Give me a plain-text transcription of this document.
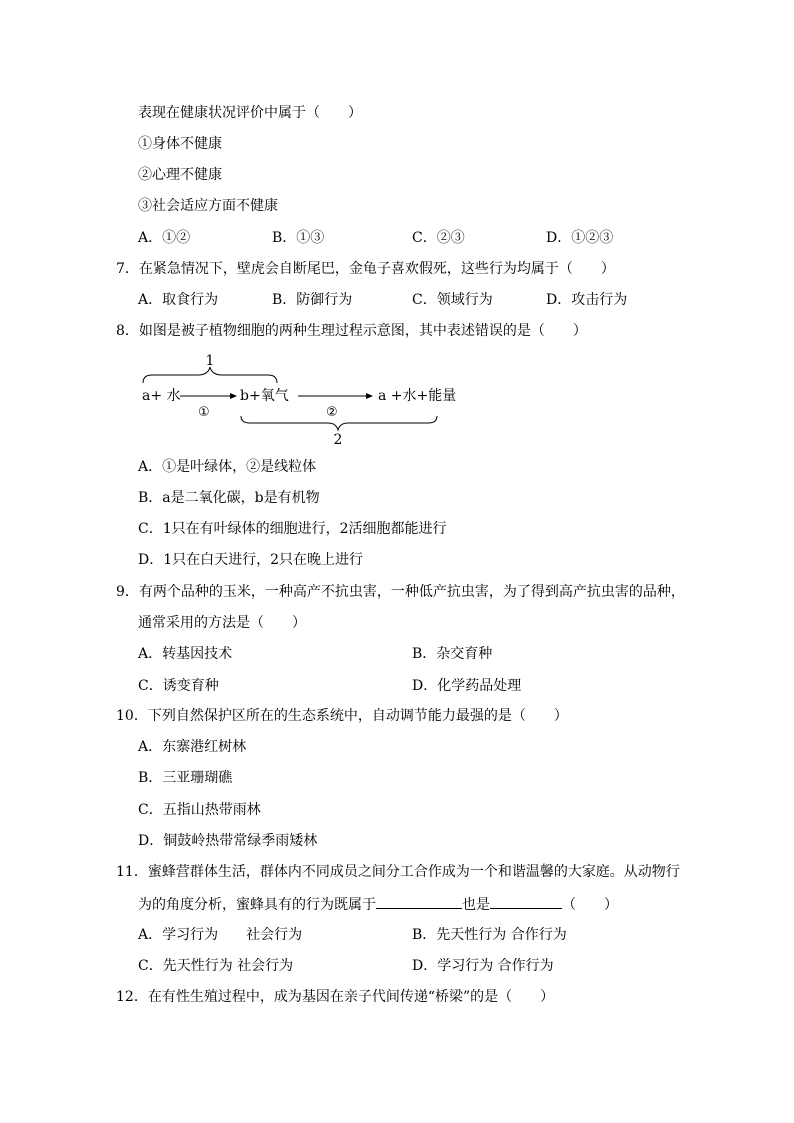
表现在健康状况评价中属于（　　）
①身体不健康
②心理不健康
③社会适应方面不健康
A．①②	B．①③	C．②③	D．①②③
7．在紧急情况下，壁虎会自断尾巴，金龟子喜欢假死，这些行为均属于（　　）
A．取食行为	B．防御行为	C．领域行为	D．攻击行为
8．如图是被子植物细胞的两种生理过程示意图，其中表述错误的是（　　）
1
a+ 水
①
b+氧气
②
a +水+能量
2
A．①是叶绿体，②是线粒体
B．a是二氧化碳，b是有机物
C．1只在有叶绿体的细胞进行，2活细胞都能进行
D．1只在白天进行，2只在晚上进行
9．有两个品种的玉米，一种高产不抗虫害，一种低产抗虫害，为了得到高产抗虫害的品种，
通常采用的方法是（　　）
A．转基因技术	B．杂交育种
C．诱变育种	D．化学药品处理
10．下列自然保护区所在的生态系统中，自动调节能力最强的是（　　）
A．东寨港红树林
B．三亚珊瑚礁
C．五指山热带雨林
D．铜鼓岭热带常绿季雨矮林
11．蜜蜂营群体生活，群体内不同成员之间分工合作成为一个和谐温馨的大家庭。从动物行
为的角度分析，蜜蜂具有的行为既属于	也是	（　　）
A．学习行为　　社会行为	B．先天性行为 合作行为
C．先天性行为 社会行为	D．学习行为 合作行为
12．在有性生殖过程中，成为基因在亲子代间传递“桥梁”的是（　　）
